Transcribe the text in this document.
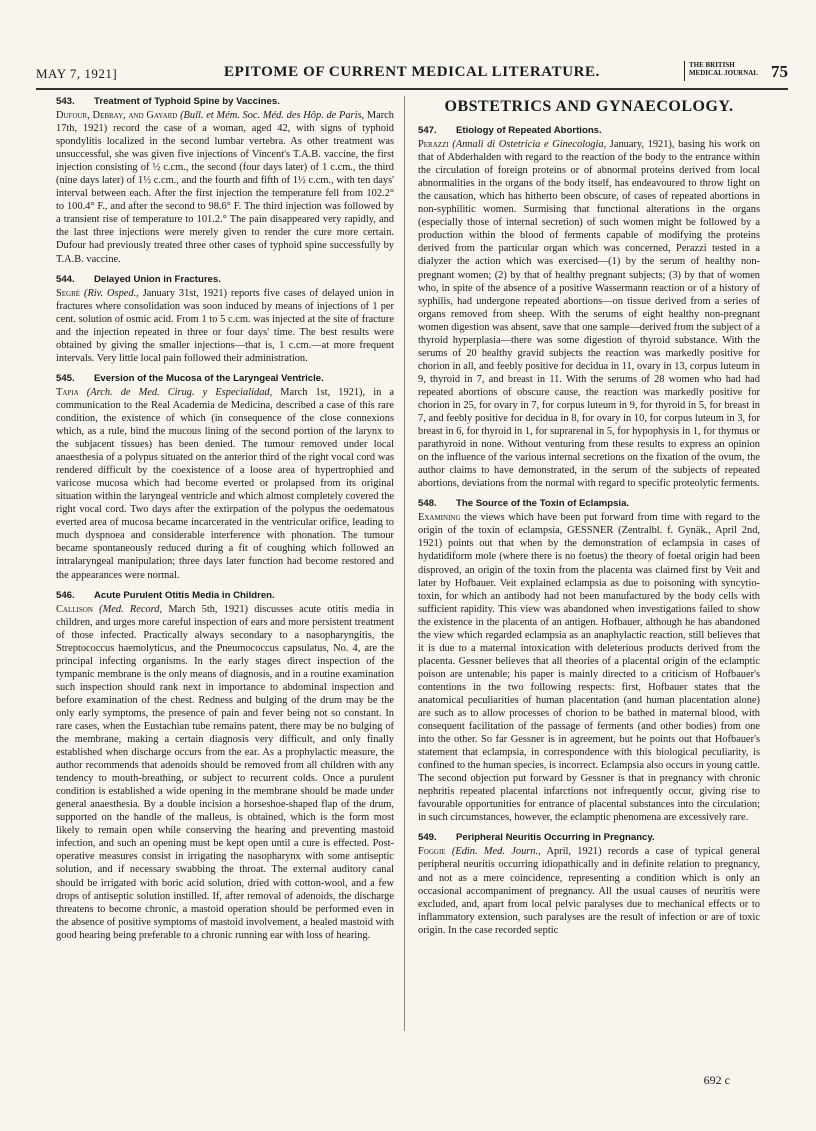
MAY 7, 1921]	EPITOME OF CURRENT MEDICAL LITERATURE.	THE BRITISH
MEDICAL JOURNAL 75

543. Treatment of Typhoid Spine by Vaccines.

Dufour, Debray, and Gayard (Bull. et Mém. Soc. Méd. des Hôp. de Paris, March 17th, 1921) record the case of a woman, aged 42, with signs of typhoid spondylitis localized in the second lumbar vertebra. As other treatment was unsuccessful, she was given five injections of Vincent's T.A.B. vaccine, the first injection consisting of ½ c.cm., the second (four days later) of 1 c.cm., the third (nine days later) of 1½ c.cm., and the fourth and fifth of 1½ c.cm., with ten days' interval between each. After the first injection the temperature fell from 102.2° to 100.4° F., and after the second to 98.6° F. The third injection was followed by a transient rise of temperature to 101.2.° The pain disappeared very rapidly, and the last three injections were merely given to render the cure more certain. Dufour had previously treated three other cases of typhoid spine successfully by T.A.B. vaccine.

544. Delayed Union in Fractures.

Segré (Riv. Osped., January 31st, 1921) reports five cases of delayed union in fractures where consolidation was soon induced by means of injections of 1 per cent. solution of osmic acid. From 1 to 5 c.cm. was injected at the site of fracture and the injection repeated in three or four days' time. The best results were obtained by giving the smaller injections—that is, 1 c.cm.—at more frequent intervals. Very little local pain followed their administration.

545. Eversion of the Mucosa of the Laryngeal Ventricle.

Tapia (Arch. de Med. Cirug. y Especialidad, March 1st, 1921), in a communication to the Real Academia de Medicina, described a case of this rare condition, the existence of which (in consequence of the close connexions which, as a rule, bind the mucous lining of the second portion of the larynx to the subjacent tissues) has been denied. The tumour removed under local anaesthesia of a polypus situated on the anterior third of the right vocal cord was rendered difficult by the coexistence of a loose area of hypertrophied and varicose mucosa which had become everted or prolapsed from its original situation within the laryngeal ventricle and which almost completely covered the right vocal cord. Two days after the extirpation of the polypus the oedematous everted area of mucosa became incarcerated in the ventricular orifice, leading to much dyspnoea and considerable interference with phonation. The tumour became spontaneously reduced during a fit of coughing which followed an intralaryngeal manipulation; three days later function had become restored and the appearances were normal.

546. Acute Purulent Otitis Media in Children.

Callison (Med. Record, March 5th, 1921) discusses acute otitis media in children, and urges more careful inspection of ears and more persistent treatment of those infected. Practically always secondary to a nasopharyngitis, the Streptococcus haemolyticus, and the Pneumococcus capsulatus, No. 4, are the principal infecting organisms. In the early stages direct inspection of the tympanic membrane is the only means of diagnosis, and in a routine examination such inspection should rank next in importance to abdominal inspection and before examination of the chest. Redness and bulging of the drum may be the only early symptoms, the presence of pain and fever being not so constant. In rare cases, when the Eustachian tube remains patent, there may be no bulging of the membrane, making a certain diagnosis very difficult, and only finally established when discharge occurs from the ear. As a prophylactic measure, the author recommends that adenoids should be removed from all children with any tendency to mouth-breathing, or subject to recurrent colds. Once a purulent condition is established a wide opening in the membrane should be made under general anaesthesia. By a double incision a horseshoe-shaped flap of the drum, supported on the handle of the malleus, is obtained, which is the form most likely to remain open while conserving the hearing and preventing mastoid infection, and such an opening must be kept open until a cure is effected. Post-operative measures consist in irrigating the nasopharynx with some antiseptic solution, and if necessary swabbing the throat. The external auditory canal should be irrigated with boric acid solution, dried with cotton-wool, and a few drops of antiseptic solution instilled. If, after removal of adenoids, the discharge threatens to become chronic, a mastoid operation should be performed even in the absence of positive symptoms of mastoid involvement, a healed mastoid with good hearing being preferable to a chronic running ear with loss of hearing.

OBSTETRICS AND GYNAECOLOGY.

547. Etiology of Repeated Abortions.

Perazzi (Annali di Ostetricia e Ginecologia, January, 1921), basing his work on that of Abderhalden with regard to the reaction of the body to the entrance within the circulation of foreign proteins or of abnormal proteins derived from local abnormalities in the organs of the body itself, has endeavoured to throw light on the causation, which has hitherto been obscure, of cases of repeated abortions in non-syphilitic women. Surmising that functional alterations in the organs (especially those of internal secretion) of such women might be followed by a production within the blood of ferments capable of modifying the proteins derived from the particular organ which was concerned, Perazzi tested in a dialyzer the action which was exercised—(1) by the serum of healthy non-pregnant women; (2) by that of healthy pregnant subjects; (3) by that of women who, in spite of the absence of a positive Wassermann reaction or of a history of syphilis, had undergone repeated abortions—on tissue derived from a series of organs removed from sheep. With the serums of eight healthy non-pregnant women digestion was absent, save that one sample—derived from the subject of a thyroid hyperplasia—there was some digestion of thyroid substance. With the serums of 20 healthy gravid subjects the reaction was markedly positive for chorion in all, and feebly positive for decidua in 11, ovary in 13, corpus luteum in 9, thyroid in 7, and breast in 11. With the serums of 28 women who had had repeated abortions of obscure cause, the reaction was markedly positive for chorion in 25, for ovary in 7, for corpus luteum in 9, for thyroid in 5, for breast in 7, and feebly positive for decidua in 8, for ovary in 10, for corpus luteum in 3, for breast in 6, for thyroid in 1, for suprarenal in 5, for hypophysis in 1, for thymus or parathyroid in none. Without venturing from these results to express an opinion on the influence of the various internal secretions on the fixation of the ovum, the author claims to have demonstrated, in the serum of the subjects of repeated abortions, deviations from the normal with regard to specific proteolytic ferments.

548. The Source of the Toxin of Eclampsia.

Examining the views which have been put forward from time with regard to the origin of the toxin of eclampsia, GESSNER (Zentralbl. f. Gynäk., April 2nd, 1921) points out that when by the demonstration of eclampsia in cases of hydatidiform mole (where there is no foetus) the theory of foetal origin had been disproved, an origin of the toxin from the placenta was claimed first by Veit and later by Hofbauer. Veit explained eclampsia as due to poisoning with syncytio-toxin, for which an antibody had not been manufactured by the body cells with sufficient rapidity. This view was abandoned when investigations failed to show the existence in the placenta of an antigen. Hofbauer, although he has abandoned the view which regarded eclampsia as an anaphylactic reaction, still believes that it is due to a maternal intoxication with deleterious products derived from the placenta. Gessner believes that all theories of a placental origin of the eclamptic poison are untenable; his paper is mainly directed to a criticism of Hofbauer's contentions in the two following respects: first, Hofbauer states that the anatomical peculiarities of human placentation (and human placentation alone) are such as to allow processes of chorion to be bathed in maternal blood, with consequent facilitation of the passage of ferments (and other bodies) from one into the other. So far Gessner is in agreement, but he points out that Hofbauer's statement that eclampsia, in correspondence with this biological peculiarity, is confined to the human species, is incorrect. Eclampsia also occurs in young cattle. The second objection put forward by Gessner is that in pregnancy with chronic nephritis repeated placental infarctions not infrequently occur, giving rise to favourable opportunities for entrance of placental substances into the circulation; in such circumstances, however, the eclamptic phenomena are excessively rare.

549. Peripheral Neuritis Occurring in Pregnancy.

Foggie (Edin. Med. Journ., April, 1921) records a case of typical general peripheral neuritis occurring idiopathically and in definite relation to pregnancy, and not as a mere coincidence, representing a condition which is only an occasional accompaniment of pregnancy. All the usual causes of neuritis were excluded, and, apart from local pelvic paralyses due to mechanical effects or to inflammatory extension, such paralyses are the result of infection or are of toxic origin. In the case recorded septic

692 c
